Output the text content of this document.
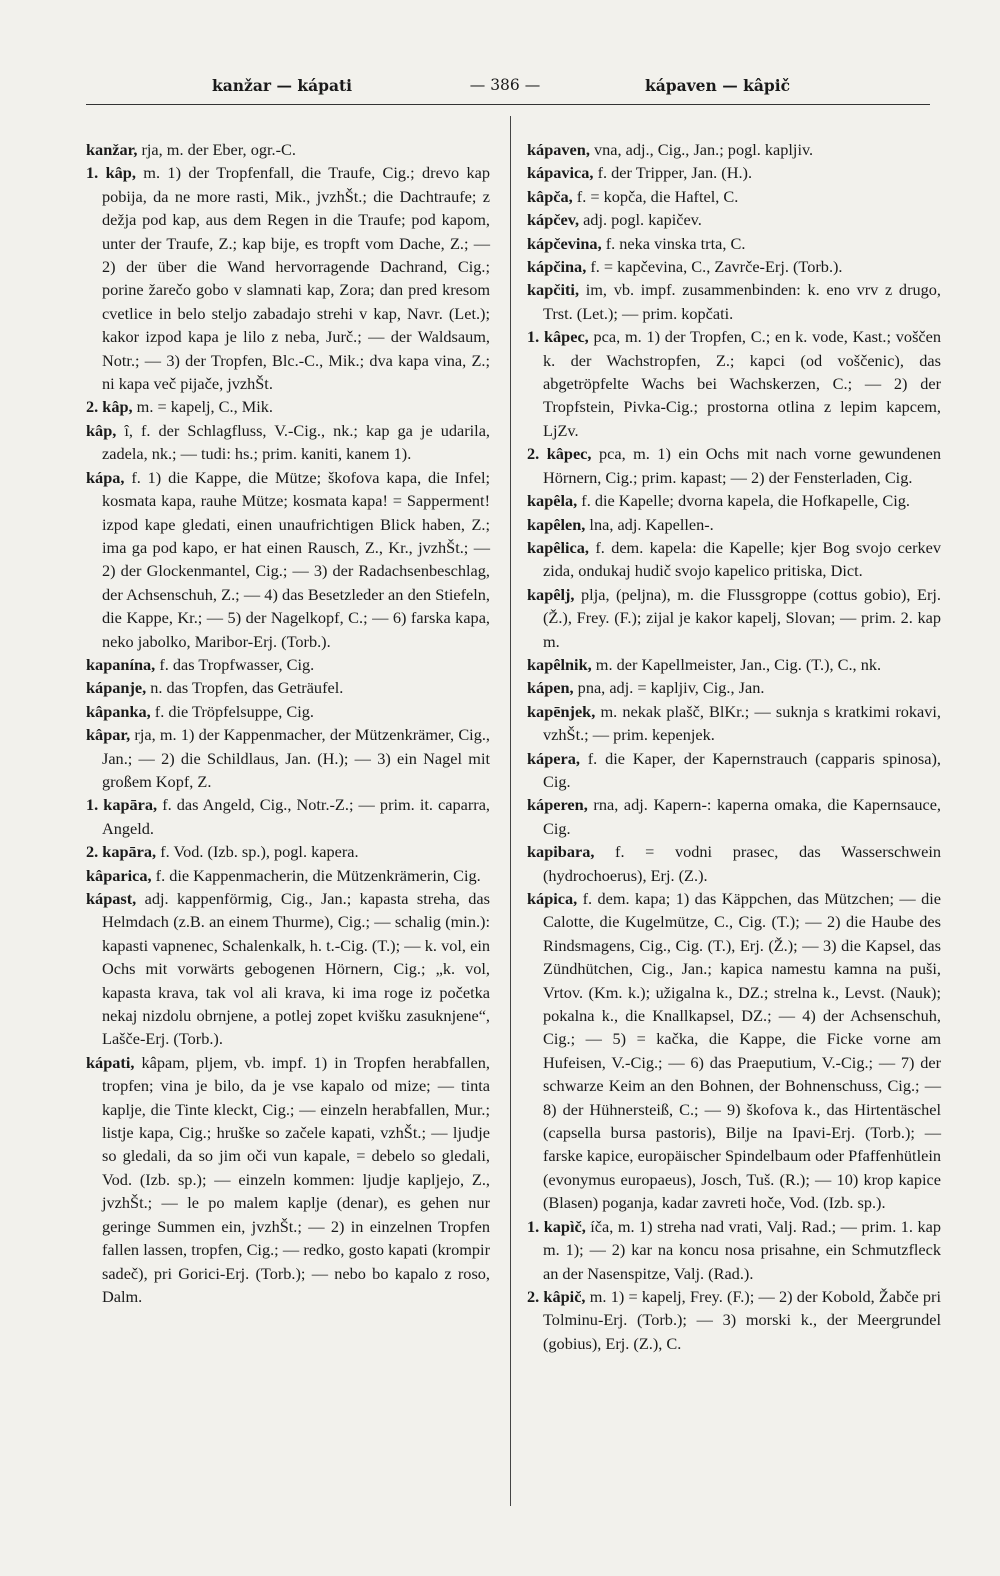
kanžar — kápati	— 386 —	kápaven — kâpič

kanžar, rja, m. der Eber, ogr.-C.

1. kâp, m. 1) der Tropfenfall, die Traufe, Cig.; drevo kap pobija, da ne more rasti, Mik., jvzhŠt.; die Dachtraufe; z dežja pod kap, aus dem Regen in die Traufe; pod kapom, unter der Traufe, Z.; kap bije, es tropft vom Dache, Z.; — 2) der über die Wand hervorragende Dachrand, Cig.; porine žarečo gobo v slamnati kap, Zora; dan pred kresom cvetlice in belo steljo zabadajo strehi v kap, Navr. (Let.); kakor izpod kapa je lilo z neba, Jurč.; — der Waldsaum, Notr.; — 3) der Tropfen, Blc.-C., Mik.; dva kapa vina, Z.; ni kapa več pijače, jvzhŠt.

2. kâp, m. = kapelj, C., Mik.

kâp, î, f. der Schlagfluss, V.-Cig., nk.; kap ga je udarila, zadela, nk.; — tudi: hs.; prim. kaniti, kanem 1).

kápa, f. 1) die Kappe, die Mütze; škofova kapa, die Infel; kosmata kapa, rauhe Mütze; kosmata kapa! = Sapperment! izpod kape gledati, einen unaufrichtigen Blick haben, Z.; ima ga pod kapo, er hat einen Rausch, Z., Kr., jvzhŠt.; — 2) der Glockenmantel, Cig.; — 3) der Radachsenbeschlag, der Achsenschuh, Z.; — 4) das Besetzleder an den Stiefeln, die Kappe, Kr.; — 5) der Nagelkopf, C.; — 6) farska kapa, neko jabolko, Maribor-Erj. (Torb.).

kapanína, f. das Tropfwasser, Cig.

kápanje, n. das Tropfen, das Geträufel.

kâpanka, f. die Tröpfelsuppe, Cig.

kâpar, rja, m. 1) der Kappenmacher, der Mützenkrämer, Cig., Jan.; — 2) die Schildlaus, Jan. (H.); — 3) ein Nagel mit großem Kopf, Z.

1. kapāra, f. das Angeld, Cig., Notr.-Z.; — prim. it. caparra, Angeld.

2. kapāra, f. Vod. (Izb. sp.), pogl. kapera.

kâparica, f. die Kappenmacherin, die Mützenkrämerin, Cig.

kápast, adj. kappenförmig, Cig., Jan.; kapasta streha, das Helmdach (z.B. an einem Thurme), Cig.; — schalig (min.): kapasti vapnenec, Schalenkalk, h. t.-Cig. (T.); — k. vol, ein Ochs mit vorwärts gebogenen Hörnern, Cig.; „k. vol, kapasta krava, tak vol ali krava, ki ima roge iz početka nekaj nizdolu obrnjene, a potlej zopet kvišku zasuknjene“, Lašče-Erj. (Torb.).

kápati, kâpam, pljem, vb. impf. 1) in Tropfen herabfallen, tropfen; vina je bilo, da je vse kapalo od mize; — tinta kaplje, die Tinte kleckt, Cig.; — einzeln herabfallen, Mur.; listje kapa, Cig.; hruške so začele kapati, vzhŠt.; — ljudje so gledali, da so jim oči vun kapale, = debelo so gledali, Vod. (Izb. sp.); — einzeln kommen: ljudje kapljejo, Z., jvzhŠt.; — le po malem kaplje (denar), es gehen nur geringe Summen ein, jvzhŠt.; — 2) in einzelnen Tropfen fallen lassen, tropfen, Cig.; — redko, gosto kapati (krompir sadeč), pri Gorici-Erj. (Torb.); — nebo bo kapalo z roso, Dalm.

kápaven, vna, adj., Cig., Jan.; pogl. kapljiv.

kápavica, f. der Tripper, Jan. (H.).

kâpča, f. = kopča, die Haftel, C.

kápčev, adj. pogl. kapičev.

kápčevina, f. neka vinska trta, C.

kápčina, f. = kapčevina, C., Zavrče-Erj. (Torb.).

kapčiti, im, vb. impf. zusammenbinden: k. eno vrv z drugo, Trst. (Let.); — prim. kopčati.

1. kâpec, pca, m. 1) der Tropfen, C.; en k. vode, Kast.; voščen k. der Wachstropfen, Z.; kapci (od voščenic), das abgetröpfelte Wachs bei Wachskerzen, C.; — 2) der Tropfstein, Pivka-Cig.; prostorna otlina z lepim kapcem, LjZv.

2. kâpec, pca, m. 1) ein Ochs mit nach vorne gewundenen Hörnern, Cig.; prim. kapast; — 2) der Fensterladen, Cig.

kapêla, f. die Kapelle; dvorna kapela, die Hofkapelle, Cig.

kapêlen, lna, adj. Kapellen-.

kapêlica, f. dem. kapela: die Kapelle; kjer Bog svojo cerkev zida, ondukaj hudič svojo kapelico pritiska, Dict.

kapêlj, plja, (peljna), m. die Flussgroppe (cottus gobio), Erj. (Ž.), Frey. (F.); zijal je kakor kapelj, Slovan; — prim. 2. kap m.

kapêlnik, m. der Kapellmeister, Jan., Cig. (T.), C., nk.

kápen, pna, adj. = kapljiv, Cig., Jan.

kapēnjek, m. nekak plašč, BlKr.; — suknja s kratkimi rokavi, vzhŠt.; — prim. kepenjek.

kápera, f. die Kaper, der Kapernstrauch (capparis spinosa), Cig.

káperen, rna, adj. Kapern-: kaperna omaka, die Kapernsauce, Cig.

kapibara, f. = vodni prasec, das Wasserschwein (hydrochoerus), Erj. (Z.).

kápica, f. dem. kapa; 1) das Käppchen, das Mützchen; — die Calotte, die Kugelmütze, C., Cig. (T.); — 2) die Haube des Rindsmagens, Cig., Cig. (T.), Erj. (Ž.); — 3) die Kapsel, das Zündhütchen, Cig., Jan.; kapica namestu kamna na puši, Vrtov. (Km. k.); užigalna k., DZ.; strelna k., Levst. (Nauk); pokalna k., die Knallkapsel, DZ.; — 4) der Achsenschuh, Cig.; — 5) = kačka, die Kappe, die Ficke vorne am Hufeisen, V.-Cig.; — 6) das Praeputium, V.-Cig.; — 7) der schwarze Keim an den Bohnen, der Bohnenschuss, Cig.; — 8) der Hühnersteiß, C.; — 9) škofova k., das Hirtentäschel (capsella bursa pastoris), Bilje na Ipavi-Erj. (Torb.); — farske kapice, europäischer Spindelbaum oder Pfaffenhütlein (evonymus europaeus), Josch, Tuš. (R.); — 10) krop kapice (Blasen) poganja, kadar zavreti hoče, Vod. (Izb. sp.).

1. kapìč, íča, m. 1) streha nad vrati, Valj. Rad.; — prim. 1. kap m. 1); — 2) kar na koncu nosa prisahne, ein Schmutzfleck an der Nasenspitze, Valj. (Rad.).

2. kâpič, m. 1) = kapelj, Frey. (F.); — 2) der Kobold, Žabče pri Tolminu-Erj. (Torb.); — 3) morski k., der Meergrundel (gobius), Erj. (Z.), C.
